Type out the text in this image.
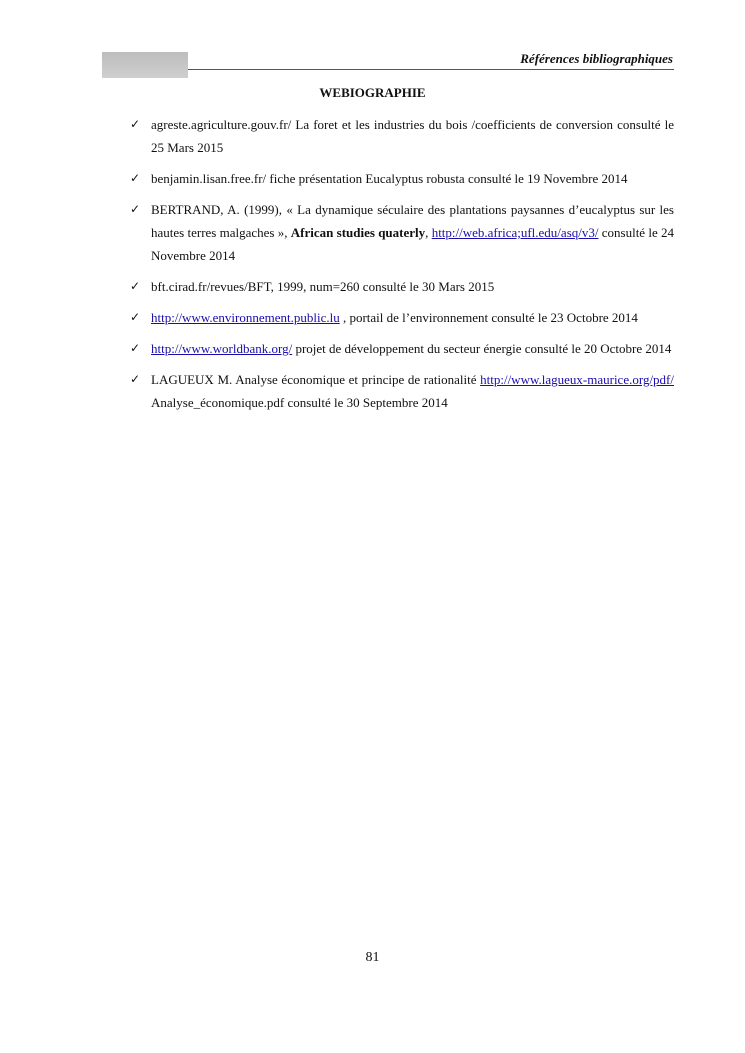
Références bibliographiques
WEBIOGRAPHIE
✓ agreste.agriculture.gouv.fr/ La foret et les industries du bois /coefficients de conversion consulté le 25 Mars 2015
✓ benjamin.lisan.free.fr/ fiche présentation Eucalyptus robusta consulté le 19 Novembre 2014
✓ BERTRAND, A. (1999), « La dynamique séculaire des plantations paysannes d’eucalyptus sur les hautes terres malgaches », African studies quaterly, http://web.africa;ufl.edu/asq/v3/ consulté le 24 Novembre 2014
✓ bft.cirad.fr/revues/BFT, 1999, num=260 consulté le 30 Mars 2015
✓ http://www.environnement.public.lu , portail de l’environnement consulté le 23 Octobre 2014
✓ http://www.worldbank.org/ projet de développement du secteur énergie consulté le 20 Octobre 2014
✓ LAGUEUX M. Analyse économique et principe de rationalité http://www.lagueux-maurice.org/pdf/ Analyse_économique.pdf consulté le 30 Septembre 2014
81
